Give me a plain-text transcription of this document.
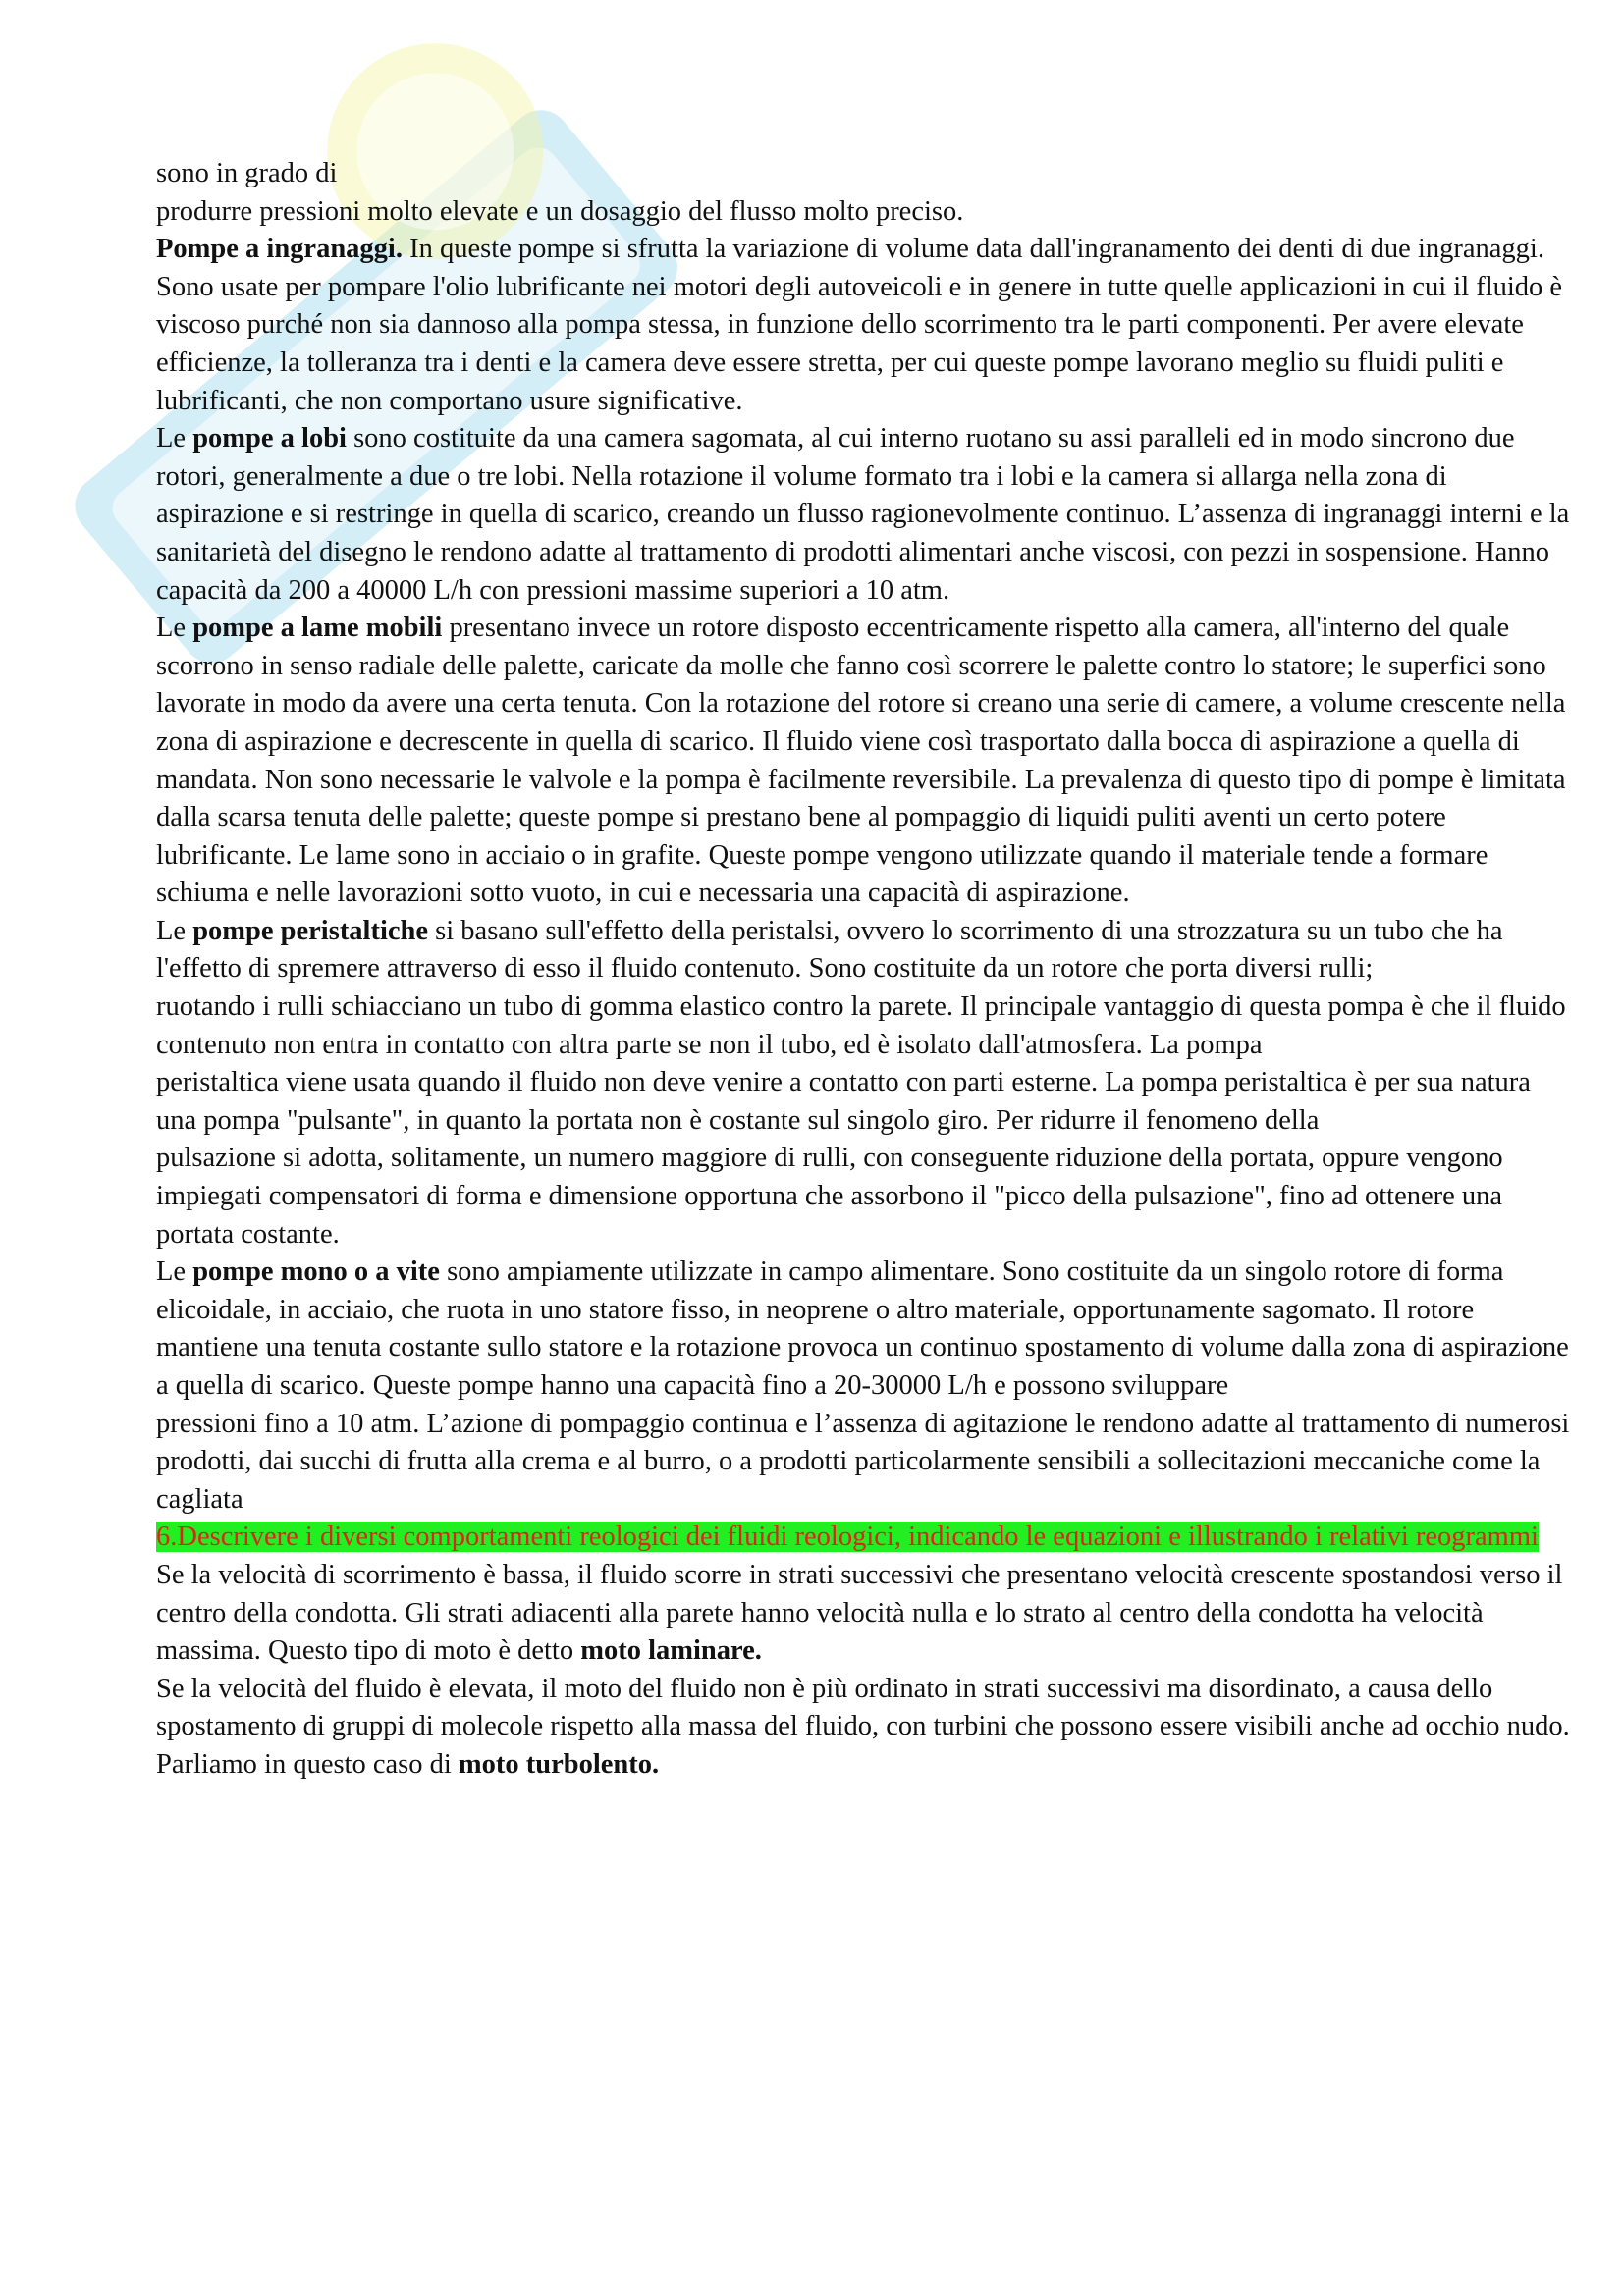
sono in grado di

produrre pressioni molto elevate e un dosaggio del flusso molto preciso.

Pompe a ingranaggi. In queste pompe si sfrutta la variazione di volume data dall'ingranamento dei denti di due ingranaggi. Sono usate per pompare l'olio lubrificante nei motori degli autoveicoli e in genere in tutte quelle applicazioni in cui il fluido è viscoso purché non sia dannoso alla pompa stessa, in funzione dello scorrimento tra le parti componenti. Per avere elevate efficienze, la tolleranza tra i denti e la camera deve essere stretta, per cui queste pompe lavorano meglio su fluidi puliti e lubrificanti, che non comportano usure significative.

Le pompe a lobi sono costituite da una camera sagomata, al cui interno ruotano su assi paralleli ed in modo sincrono due rotori, generalmente a due o tre lobi. Nella rotazione il volume formato tra i lobi e la camera si allarga nella zona di aspirazione e si restringe in quella di scarico, creando un flusso ragionevolmente continuo. L’assenza di ingranaggi interni e la sanitarietà del disegno le rendono adatte al trattamento di prodotti alimentari anche viscosi, con pezzi in sospensione. Hanno capacità da 200 a 40000 L/h con pressioni massime superiori a 10 atm.

Le pompe a lame mobili presentano invece un rotore disposto eccentricamente rispetto alla camera, all'interno del quale scorrono in senso radiale delle palette, caricate da molle che fanno così scorrere le palette contro lo statore; le superfici sono lavorate in modo da avere una certa tenuta. Con la rotazione del rotore si creano una serie di camere, a volume crescente nella zona di aspirazione e decrescente in quella di scarico. Il fluido viene così trasportato dalla bocca di aspirazione a quella di mandata. Non sono necessarie le valvole e la pompa è facilmente reversibile. La prevalenza di questo tipo di pompe è limitata dalla scarsa tenuta delle palette; queste pompe si prestano bene al pompaggio di liquidi puliti aventi un certo potere lubrificante. Le lame sono in acciaio o in grafite. Queste pompe vengono utilizzate quando il materiale tende a formare schiuma e nelle lavorazioni sotto vuoto, in cui e necessaria una capacità di aspirazione.

Le pompe peristaltiche si basano sull'effetto della peristalsi, ovvero lo scorrimento di una strozzatura su un tubo che ha l'effetto di spremere attraverso di esso il fluido contenuto. Sono costituite da un rotore che porta diversi rulli;

ruotando i rulli schiacciano un tubo di gomma elastico contro la parete. Il principale vantaggio di questa pompa è che il fluido contenuto non entra in contatto con altra parte se non il tubo, ed è isolato dall'atmosfera. La pompa

peristaltica viene usata quando il fluido non deve venire a contatto con parti esterne. La pompa peristaltica è per sua natura una pompa "pulsante", in quanto la portata non è costante sul singolo giro. Per ridurre il fenomeno della

pulsazione si adotta, solitamente, un numero maggiore di rulli, con conseguente riduzione della portata, oppure vengono impiegati compensatori di forma e dimensione opportuna che assorbono il "picco della pulsazione", fino ad ottenere una portata costante.

Le pompe mono o a vite sono ampiamente utilizzate in campo alimentare. Sono costituite da un singolo rotore di forma elicoidale, in acciaio, che ruota in uno statore fisso, in neoprene o altro materiale, opportunamente sagomato. Il rotore mantiene una tenuta costante sullo statore e la rotazione provoca un continuo spostamento di volume dalla zona di aspirazione a quella di scarico. Queste pompe hanno una capacità fino a 20-30000 L/h e possono sviluppare

pressioni fino a 10 atm. L’azione di pompaggio continua e l’assenza di agitazione le rendono adatte al trattamento di numerosi prodotti, dai succhi di frutta alla crema e al burro, o a prodotti particolarmente sensibili a sollecitazioni meccaniche come la cagliata

6.Descrivere i diversi comportamenti reologici dei fluidi reologici, indicando le equazioni e illustrando i relativi reogrammi

Se la velocità di scorrimento è bassa, il fluido scorre in strati successivi che presentano velocità crescente spostandosi verso il centro della condotta. Gli strati adiacenti alla parete hanno velocità nulla e lo strato al centro della condotta ha velocità massima. Questo tipo di moto è detto moto laminare.

Se la velocità del fluido è elevata, il moto del fluido non è più ordinato in strati successivi ma disordinato, a causa dello spostamento di gruppi di molecole rispetto alla massa del fluido, con turbini che possono essere visibili anche ad occhio nudo. Parliamo in questo caso di moto turbolento.
